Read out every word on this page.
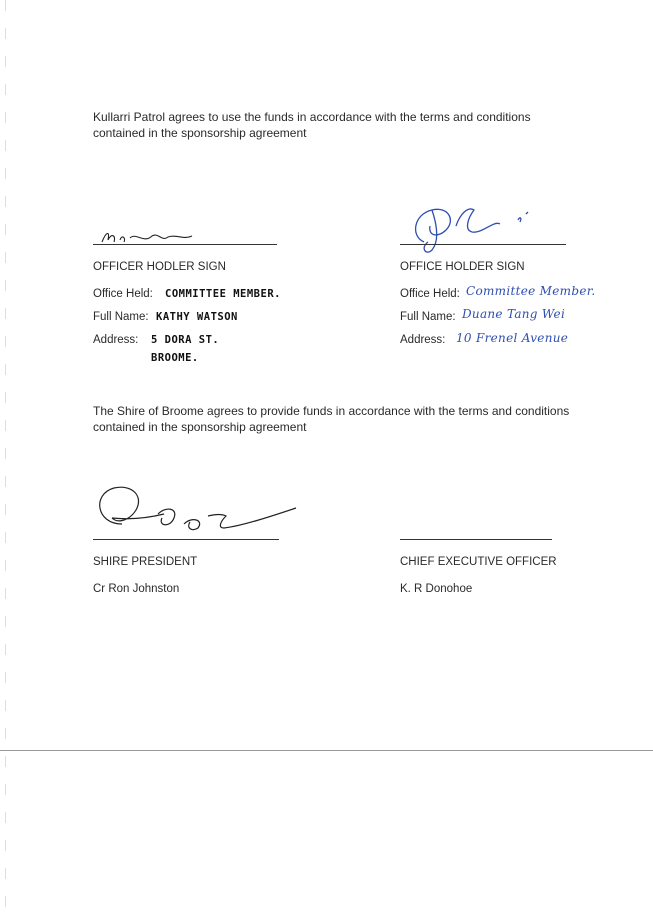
Kullarri Patrol agrees to use the funds in accordance with the terms and conditions contained in the sponsorship agreement
OFFICER HODLER SIGN
Office Held: COMMITTEE MEMBER.
Full Name: KATHY WATSON
Address: 5 DORA ST.
BROOME.
OFFICE HOLDER SIGN
Office Held: Committee Member.
Full Name: Duane Tang Wei
Address: 10 Frenel Avenue
The Shire of Broome agrees to provide funds in accordance with the terms and conditions contained in the sponsorship agreement
SHIRE PRESIDENT
Cr Ron Johnston
CHIEF EXECUTIVE OFFICER
K. R Donohoe
